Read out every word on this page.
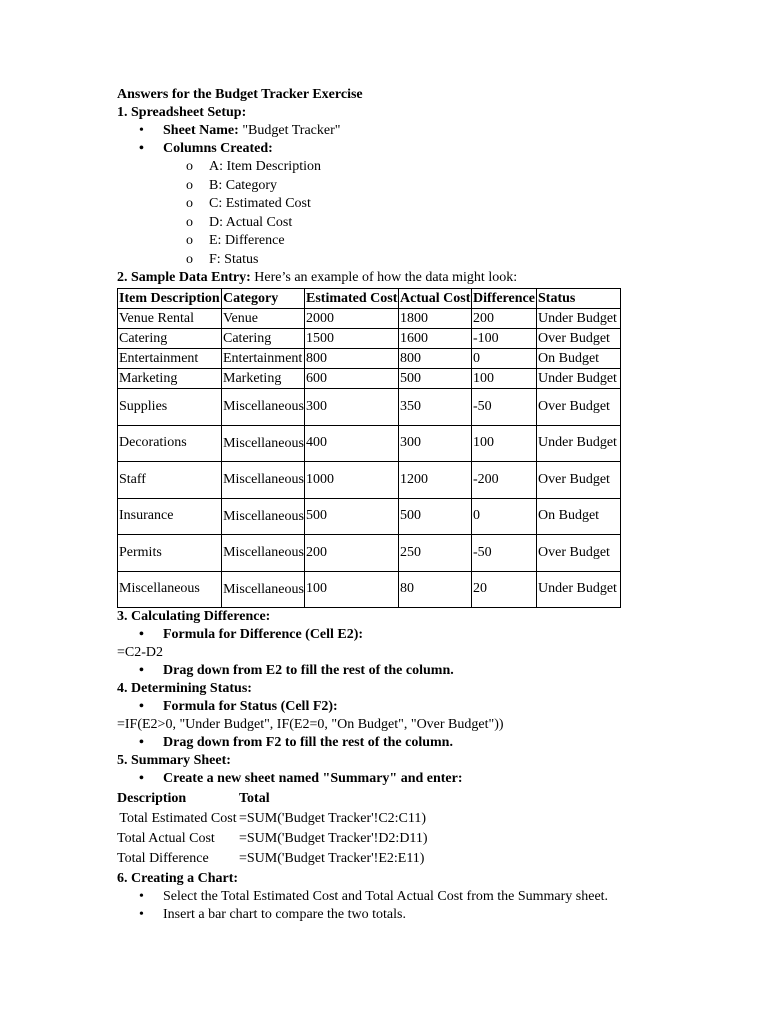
Answers for the Budget Tracker Exercise
1. Spreadsheet Setup:
• Sheet Name: "Budget Tracker"
• Columns Created:
o A: Item Description
o B: Category
o C: Estimated Cost
o D: Actual Cost
o E: Difference
o F: Status
2. Sample Data Entry: Here’s an example of how the data might look:
Item Description	Category	Estimated Cost	Actual Cost	Difference	Status
Venue Rental	Venue	2000	1800	200	Under Budget
Catering	Catering	1500	1600	-100	Over Budget
Entertainment	Entertainment	800	800	0	On Budget
Marketing	Marketing	600	500	100	Under Budget
Supplies	Miscellaneous	300	350	-50	Over Budget
Decorations	Miscellaneous	400	300	100	Under Budget
Staff	Miscellaneous	1000	1200	-200	Over Budget
Insurance	Miscellaneous	500	500	0	On Budget
Permits	Miscellaneous	200	250	-50	Over Budget
Miscellaneous	Miscellaneous	100	80	20	Under Budget
3. Calculating Difference:
• Formula for Difference (Cell E2):
=C2-D2
• Drag down from E2 to fill the rest of the column.
4. Determining Status:
• Formula for Status (Cell F2):
=IF(E2>0, "Under Budget", IF(E2=0, "On Budget", "Over Budget"))
• Drag down from F2 to fill the rest of the column.
5. Summary Sheet:
• Create a new sheet named "Summary" and enter:
Description	Total
Total Estimated Cost	=SUM('Budget Tracker'!C2:C11)
Total Actual Cost	=SUM('Budget Tracker'!D2:D11)
Total Difference	=SUM('Budget Tracker'!E2:E11)
6. Creating a Chart:
• Select the Total Estimated Cost and Total Actual Cost from the Summary sheet.
• Insert a bar chart to compare the two totals.
